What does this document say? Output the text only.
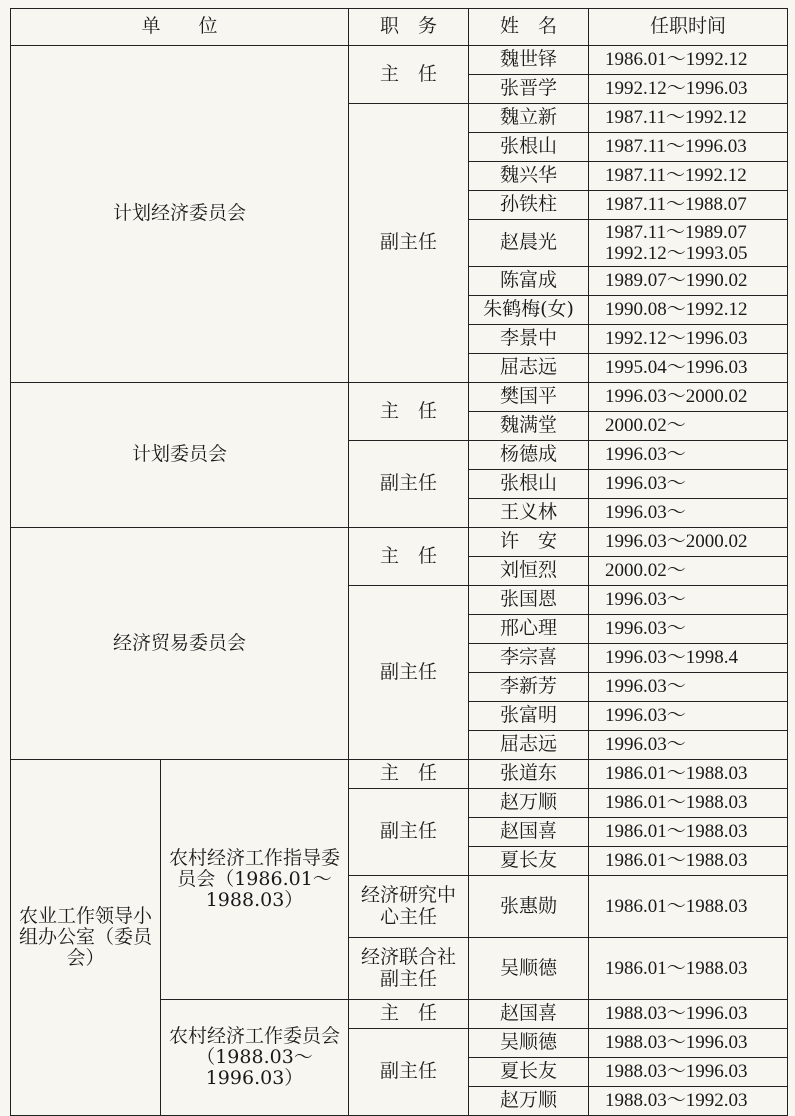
单　　位		职　务	姓　名	任职时间
计划经济委员会		主　任	魏世铎	1986.01～1992.12
			张晋学	1992.12～1996.03
		副主任	魏立新	1987.11～1992.12
			张根山	1987.11～1996.03
			魏兴华	1987.11～1992.12
			孙铁柱	1987.11～1988.07
			赵晨光	1987.11～1989.07
1992.12～1993.05

			陈富成	1989.07～1990.02
			朱鹤梅(女)	1990.08～1992.12
			李景中	1992.12～1996.03
			屈志远	1995.04～1996.03
计划委员会		主　任	樊国平	1996.03～2000.02
			魏满堂	2000.02～
		副主任	杨德成	1996.03～
			张根山	1996.03～
			王义林	1996.03～
经济贸易委员会		主　任	许　安	1996.03～2000.02
			刘恒烈	2000.02～
		副主任	张国恩	1996.03～
			邢心理	1996.03～
			李宗喜	1996.03～1998.4
			李新芳	1996.03～
			张富明	1996.03～
			屈志远	1996.03～
农业工作领导小组办公室（委员会）	农村经济工作指导委员会（1986.01～1988.03）	主　任	张道东	1986.01～1988.03
		副主任	赵万顺	1986.01～1988.03
			赵国喜	1986.01～1988.03
			夏长友	1986.01～1988.03
		经济研究中心主任	张惠勋	1986.01～1988.03
		经济联合社副主任	吴顺德	1986.01～1988.03
	农村经济工作委员会（1988.03～1996.03）	主　任	赵国喜	1988.03～1996.03
		副主任	吴顺德	1988.03～1996.03
			夏长友	1988.03～1996.03
			赵万顺	1988.03～1992.03
